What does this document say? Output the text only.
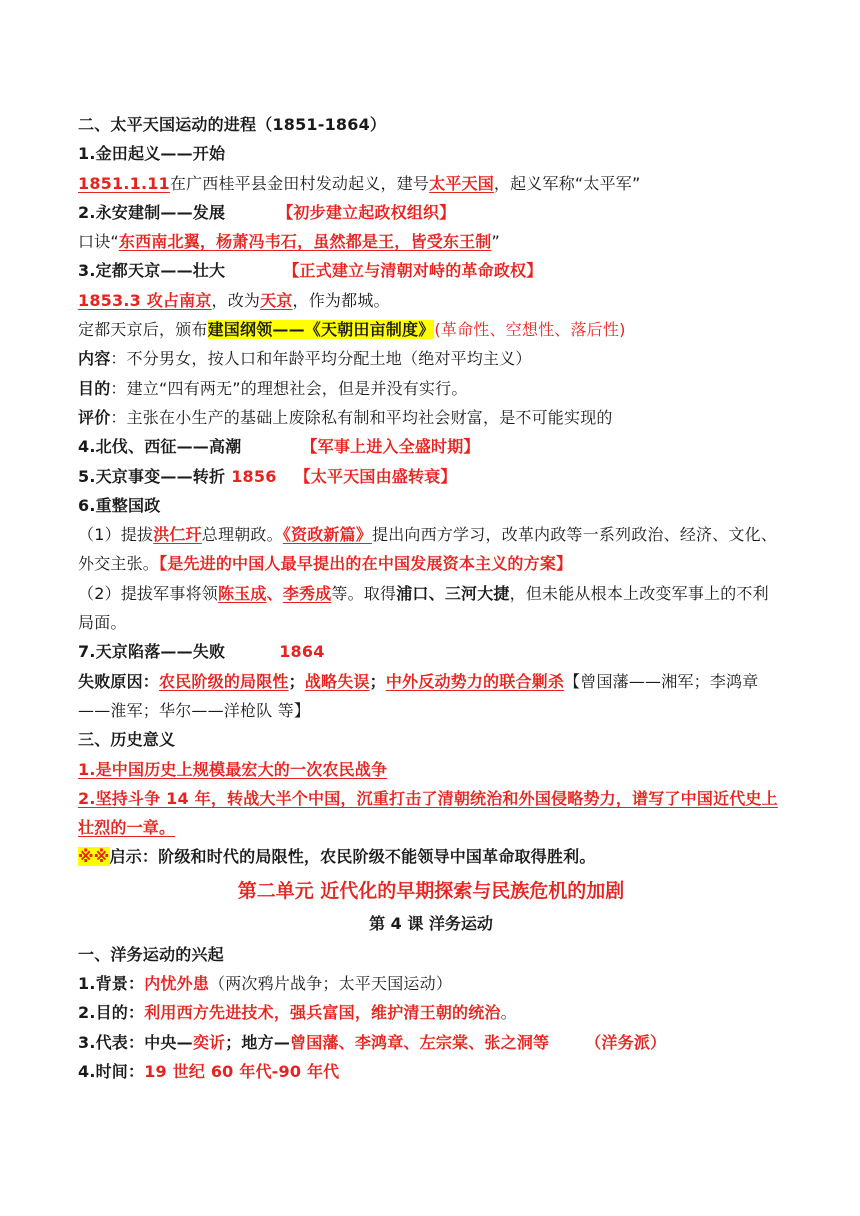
二、太平天国运动的进程（1851-1864）
1.金田起义——开始
1851.1.11在广西桂平县金田村发动起义，建号太平天国，起义军称“太平军”
2.永安建制——发展	【初步建立起政权组织】
口诀“东西南北翼，杨萧冯韦石，虽然都是王，皆受东王制”
3.定都天京——壮大	【正式建立与清朝对峙的革命政权】
1853.3 攻占南京，改为天京，作为都城。
定都天京后，颁布建国纲领——《天朝田亩制度》(革命性、空想性、落后性)
内容：不分男女，按人口和年龄平均分配土地（绝对平均主义）
目的：建立“四有两无”的理想社会，但是并没有实行。
评价：主张在小生产的基础上废除私有制和平均社会财富，是不可能实现的
4.北伐、西征——高潮	【军事上进入全盛时期】
5.天京事变——转折 1856 【太平天国由盛转衰】
6.重整国政
（1）提拔洪仁玕总理朝政。《资政新篇》提出向西方学习，改革内政等一系列政治、经济、文化、外交主张。【是先进的中国人最早提出的在中国发展资本主义的方案】
（2）提拔军事将领陈玉成、李秀成等。取得浦口、三河大捷，但未能从根本上改变军事上的不利局面。
7.天京陷落——失败	1864
失败原因：农民阶级的局限性；战略失误；中外反动势力的联合剿杀【曾国藩——湘军；李鸿章——淮军；华尔——洋枪队 等】
三、历史意义
1.是中国历史上规模最宏大的一次农民战争
2.坚持斗争 14 年，转战大半个中国，沉重打击了清朝统治和外国侵略势力，谱写了中国近代史上壮烈的一章。
※※启示：阶级和时代的局限性，农民阶级不能领导中国革命取得胜利。
第二单元 近代化的早期探索与民族危机的加剧
第 4 课 洋务运动
一、洋务运动的兴起
1.背景：内忧外患（两次鸦片战争；太平天国运动）
2.目的：利用西方先进技术，强兵富国，维护清王朝的统治。
3.代表：中央—奕䜣；地方—曾国藩、李鸿章、左宗棠、张之洞等 （洋务派）
4.时间：19 世纪 60 年代-90 年代
